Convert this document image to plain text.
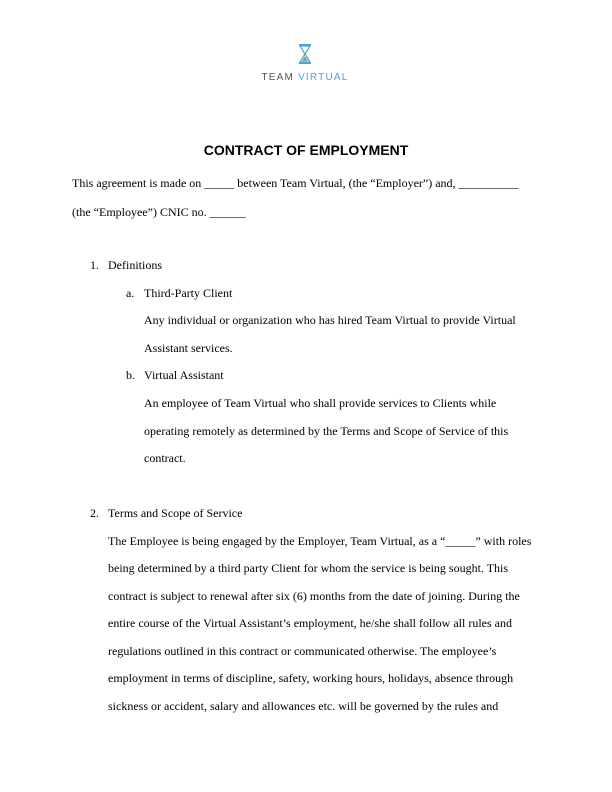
TEAM VIRTUAL
CONTRACT OF EMPLOYMENT
This agreement is made on _____ between Team Virtual, (the “Employer”) and, __________
(the “Employee”) CNIC no. ______
1. Definitions
a. Third-Party Client
Any individual or organization who has hired Team Virtual to provide Virtual
Assistant services.
b. Virtual Assistant
An employee of Team Virtual who shall provide services to Clients while
operating remotely as determined by the Terms and Scope of Service of this
contract.
2. Terms and Scope of Service
The Employee is being engaged by the Employer, Team Virtual, as a “_____” with roles
being determined by a third party Client for whom the service is being sought. This
contract is subject to renewal after six (6) months from the date of joining. During the
entire course of the Virtual Assistant’s employment, he/she shall follow all rules and
regulations outlined in this contract or communicated otherwise. The employee’s
employment in terms of discipline, safety, working hours, holidays, absence through
sickness or accident, salary and allowances etc. will be governed by the rules and
